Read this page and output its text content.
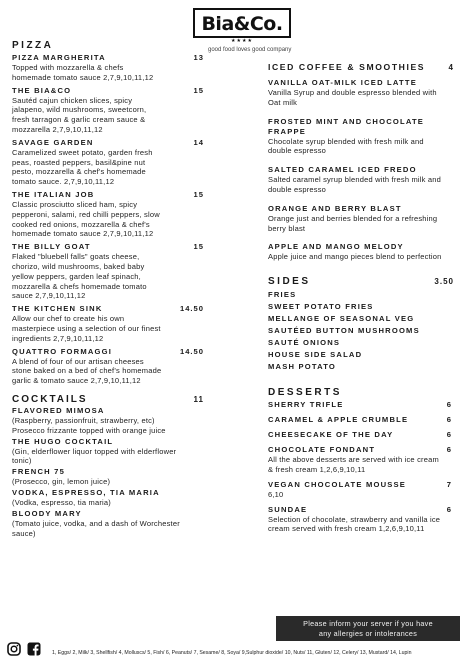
Bia&Co.
★★★★
good food loves good company
PIZZA
PIZZA MARGHERITA	13
Topped with mozzarella & chefs homemade tomato sauce 2,7,9,10,11,12
THE BIA&CO	15
Sautéd cajun chicken slices, spicy jalapeno, wild mushrooms, sweetcorn, fresh tarragon & garlic cream sauce & mozzarella 2,7,9,10,11,12
SAVAGE GARDEN	14
Caramelized sweet potato, garden fresh peas, roasted peppers, basil&pine nut pesto, mozzarella & chef's homemade tomato sauce. 2,7,9,10,11,12
THE ITALIAN JOB	15
Classic prosciutto sliced ham, spicy pepperoni, salami, red chilli peppers, slow cooked red onions, mozzarella & chef's homemade tomato sauce 2,7,9,10,11,12
THE BILLY GOAT	15
Flaked "bluebell falls" goats cheese, chorizo, wild mushrooms, baked baby yellow peppers, garden leaf spinach, mozzarella & chefs homemade tomato sauce 2,7,9,10,11,12
THE KITCHEN SINK	14.50
Allow our chef to create his own masterpiece using a selection of our finest ingredients 2,7,9,10,11,12
QUATTRO FORMAGGI	14.50
A blend of four of our artisan cheeses stone baked on a bed of chef's homemade garlic & tomato sauce 2,7,9,10,11,12
COCKTAILS	11
FLAVORED MIMOSA
(Raspberry, passionfruit, strawberry, etc) Prosecco frizzante topped with orange juice
THE HUGO COCKTAIL
(Gin, elderflower liquor topped with elderflower tonic)
FRENCH 75
(Prosecco, gin, lemon juice)
VODKA, ESPRESSO, TIA MARIA
(Vodka, espresso, tia maria)
BLOODY MARY
(Tomato juice, vodka, and a dash of Worchester sauce)
ICED COFFEE & SMOOTHIES	4
VANILLA OAT-MILK ICED LATTE
Vanilla Syrup and double espresso blended with Oat milk
FROSTED MINT AND CHOCOLATE FRAPPE
Chocolate syrup blended with fresh milk and double espresso
SALTED CARAMEL ICED FREDO
Salted caramel syrup blended with fresh milk and double espresso
ORANGE AND BERRY BLAST
Orange just and berries blended for a refreshing berry blast
APPLE AND MANGO MELODY
Apple juice and mango pieces blend to perfection
SIDES	3.50
FRIES
SWEET POTATO FRIES
MELLANGE OF SEASONAL VEG
SAUTÉED BUTTON MUSHROOMS
SAUTÉ ONIONS
HOUSE SIDE SALAD
MASH POTATO
DESSERTS
SHERRY TRIFLE	6
CARAMEL & APPLE CRUMBLE	6
CHEESECAKE OF THE DAY	6
CHOCOLATE FONDANT	6
All the above desserts are served with ice cream & fresh cream 1,2,6,9,10,11
VEGAN CHOCOLATE MOUSSE	7
6,10
SUNDAE	6
Selection of chocolate, strawberry and vanilla ice cream served with fresh cream 1,2,6,9,10,11
Please inform your server if you have
any allergies or intolerances
1, Eggs/ 2, Milk/ 3, Shellfish/ 4, Molluscs/ 5, Fish/ 6, Peanuts/ 7, Sesame/ 8, Soya/ 9,Sulphur dioxide/ 10, Nuts/ 11, Gluten/ 12, Celery/ 13, Mustard/ 14, Lupin
